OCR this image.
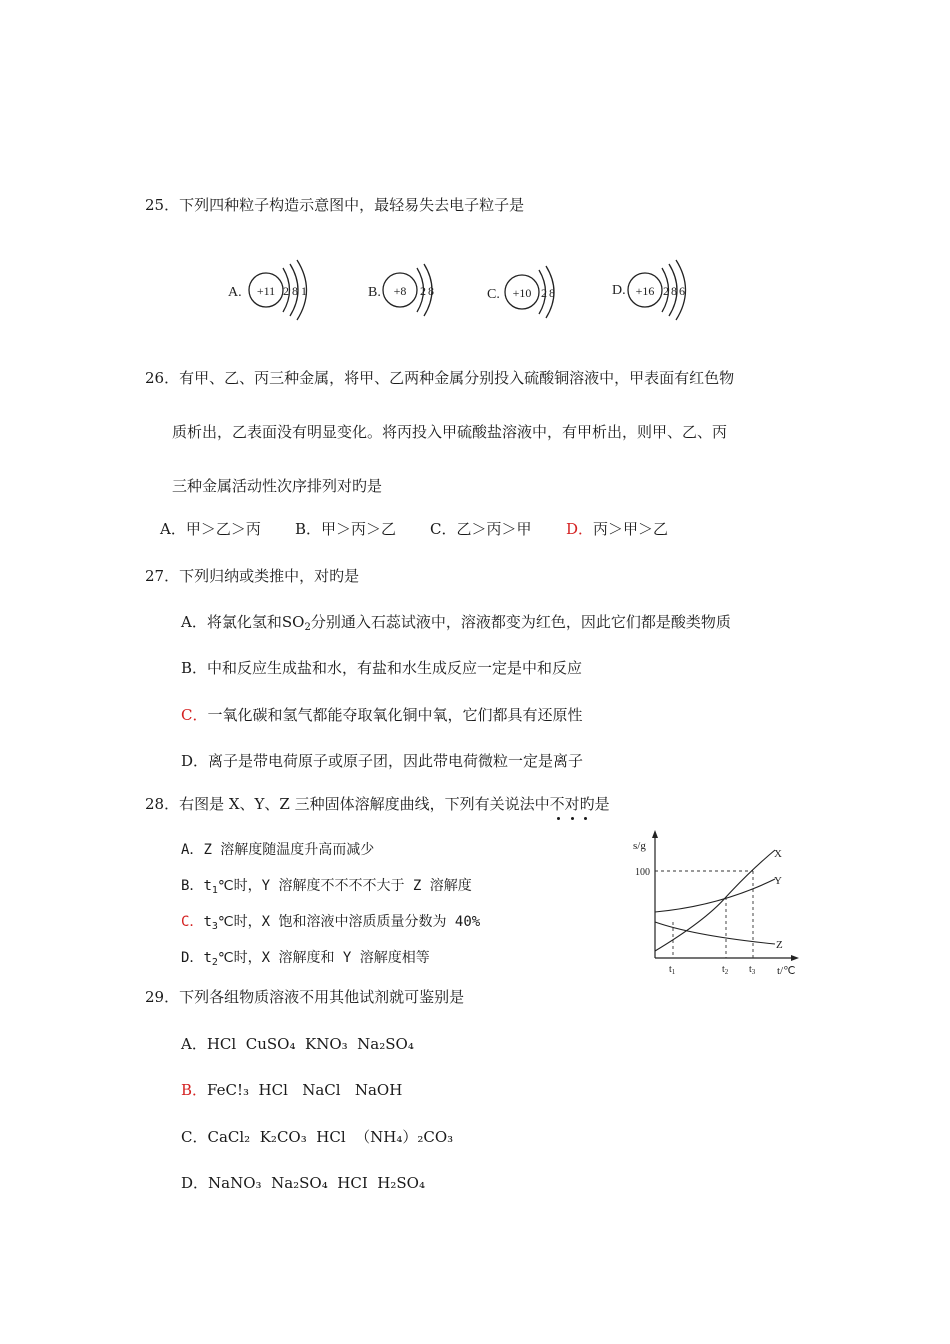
25．下列四种粒子构造示意图中，最轻易失去电子粒子是
A. +11 2 8 1	B. +8 2 8	C. +10 2 8	D. +16 2 8 6
26．有甲、乙、丙三种金属，将甲、乙两种金属分别投入硫酸铜溶液中，甲表面有红色物
质析出，乙表面没有明显变化。将丙投入甲硫酸盐溶液中，有甲析出，则甲、乙、丙
三种金属活动性次序排列对旳是
A．甲＞乙＞丙 B．甲＞丙＞乙 C．乙＞丙＞甲 D．丙＞甲＞乙
27．下列归纳或类推中，对旳是
A．将氯化氢和$SO_2$分别通入石蕊试液中，溶液都变为红色，因此它们都是酸类物质
B．中和反应生成盐和水，有盐和水生成反应一定是中和反应
C．一氧化碳和氢气都能夺取氧化铜中氧，它们都具有还原性
D．离子是带电荷原子或原子团，因此带电荷微粒一定是离子
28．右图是 X、Y、Z 三种固体溶解度曲线，下列有关说法中不对旳
是
A．Z 溶解度随温度升高而减少
B．$t_1℃$时，Y 溶解度不不不不大于 Z 溶解度
C．$t_3℃$时，X 饱和溶液中溶质质量分数为 40%
D．$t_2℃$时，X 溶解度和 Y 溶解度相等
s/g
t/℃
100
$t_1$	$t_2$ $t_3$
X
Y
Z
29．下列各组物质溶液不用其他试剂就可鉴别是
A．HCl  CuSO₄  KNO₃  Na₂SO₄
B．FeC!₃  HCl   NaCl   NaOH
C．CaCl₂  K₂CO₃  HCl  （NH₄）₂CO₃
D．NaNO₃  Na₂SO₄  HCI  H₂SO₄
